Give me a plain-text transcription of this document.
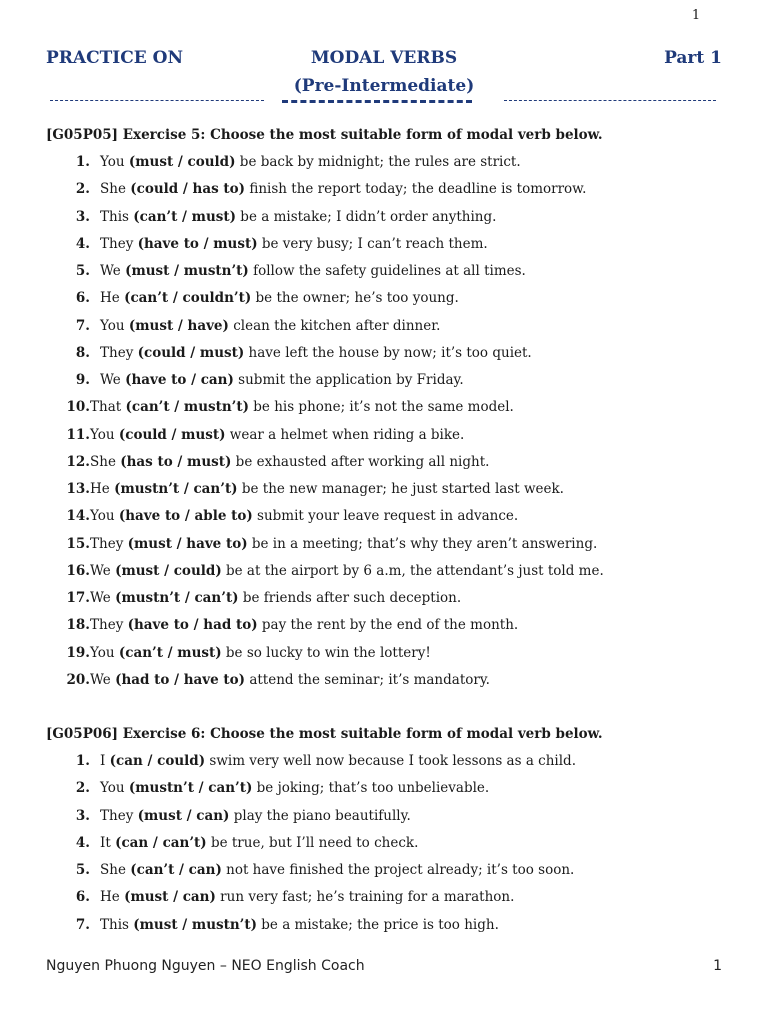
1
PRACTICE ON	MODAL VERBS	Part 1
(Pre-Intermediate)
[G05P05] Exercise 5: Choose the most suitable form of modal verb below.
1. You (must / could) be back by midnight; the rules are strict.
2. She (could / has to) finish the report today; the deadline is tomorrow.
3. This (can’t / must) be a mistake; I didn’t order anything.
4. They (have to / must) be very busy; I can’t reach them.
5. We (must / mustn’t) follow the safety guidelines at all times.
6. He (can’t / couldn’t) be the owner; he’s too young.
7. You (must / have) clean the kitchen after dinner.
8. They (could / must) have left the house by now; it’s too quiet.
9. We (have to / can) submit the application by Friday.
10.That (can’t / mustn’t) be his phone; it’s not the same model.
11.You (could / must) wear a helmet when riding a bike.
12.She (has to / must) be exhausted after working all night.
13.He (mustn’t / can’t) be the new manager; he just started last week.
14.You (have to / able to) submit your leave request in advance.
15.They (must / have to) be in a meeting; that’s why they aren’t answering.
16.We (must / could) be at the airport by 6 a.m, the attendant’s just told me.
17.We (mustn’t / can’t) be friends after such deception.
18.They (have to / had to) pay the rent by the end of the month.
19.You (can’t / must) be so lucky to win the lottery!
20.We (had to / have to) attend the seminar; it’s mandatory.
[G05P06] Exercise 6: Choose the most suitable form of modal verb below.
1. I (can / could) swim very well now because I took lessons as a child.
2. You (mustn’t / can’t) be joking; that’s too unbelievable.
3. They (must / can) play the piano beautifully.
4. It (can / can’t) be true, but I’ll need to check.
5. She (can’t / can) not have finished the project already; it’s too soon.
6. He (must / can) run very fast; he’s training for a marathon.
7. This (must / mustn’t) be a mistake; the price is too high.
Nguyen Phuong Nguyen – NEO English Coach	1
